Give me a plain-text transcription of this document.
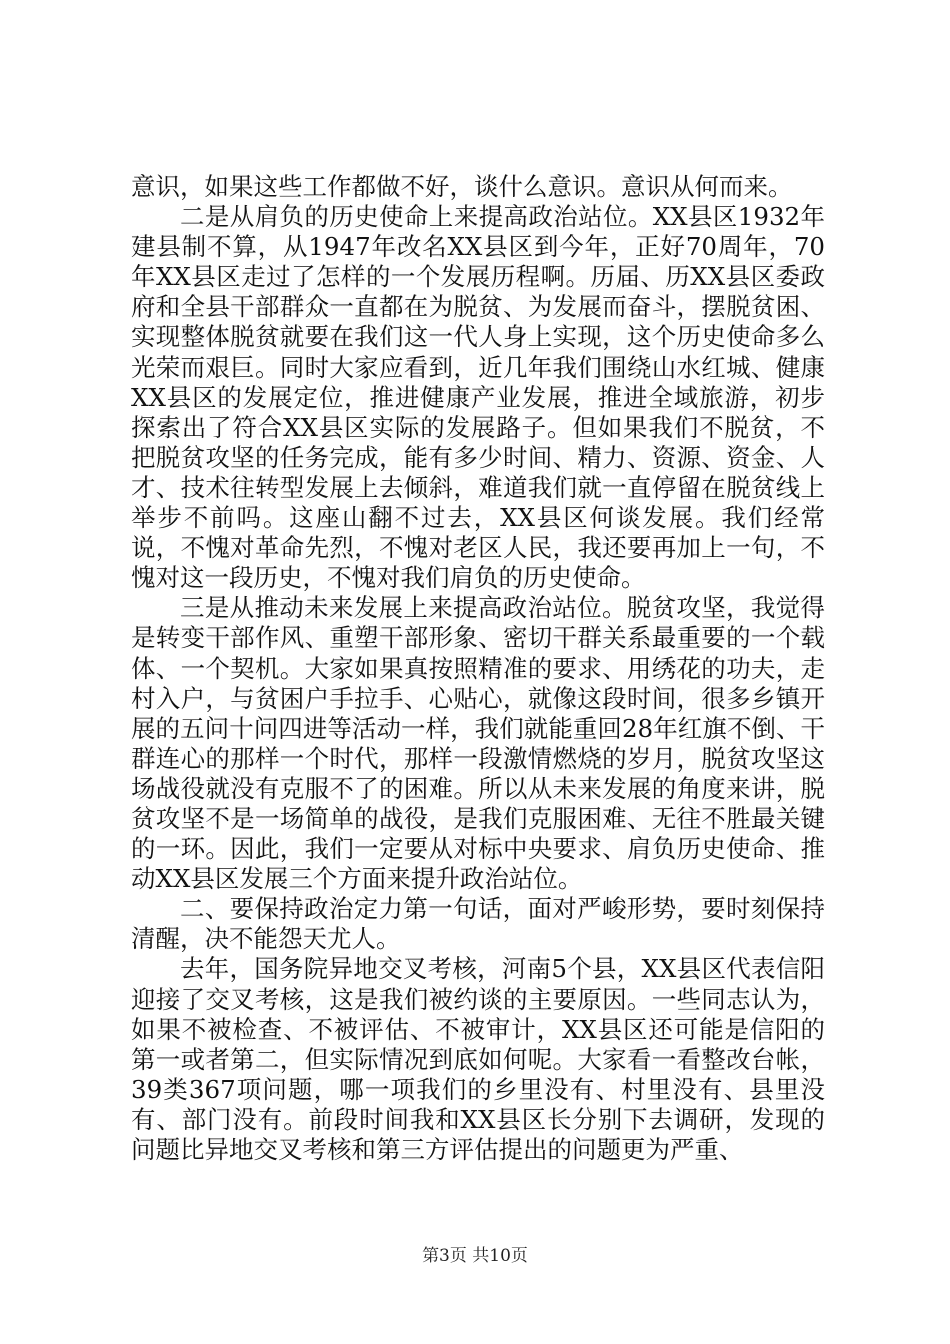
意识，如果这些工作都做不好，谈什么意识。意识从何而来。

二是从肩负的历史使命上来提高政治站位。XX县区1932年建县制不算，从1947年改名XX县区到今年，正好70周年，70年XX县区走过了怎样的一个发展历程啊。历届、历XX县区委政府和全县干部群众一直都在为脱贫、为发展而奋斗，摆脱贫困、实现整体脱贫就要在我们这一代人身上实现，这个历史使命多么光荣而艰巨。同时大家应看到，近几年我们围绕山水红城、健康XX县区的发展定位，推进健康产业发展，推进全域旅游，初步探索出了符合XX县区实际的发展路子。但如果我们不脱贫，不把脱贫攻坚的任务完成，能有多少时间、精力、资源、资金、人才、技术往转型发展上去倾斜，难道我们就一直停留在脱贫线上举步不前吗。这座山翻不过去，XX县区何谈发展。我们经常说，不愧对革命先烈，不愧对老区人民，我还要再加上一句，不愧对这一段历史，不愧对我们肩负的历史使命。

三是从推动未来发展上来提高政治站位。脱贫攻坚，我觉得是转变干部作风、重塑干部形象、密切干群关系最重要的一个载体、一个契机。大家如果真按照精准的要求、用绣花的功夫，走村入户，与贫困户手拉手、心贴心，就像这段时间，很多乡镇开展的五问十问四进等活动一样，我们就能重回28年红旗不倒、干群连心的那样一个时代，那样一段激情燃烧的岁月，脱贫攻坚这场战役就没有克服不了的困难。所以从未来发展的角度来讲，脱贫攻坚不是一场简单的战役，是我们克服困难、无往不胜最关键的一环。因此，我们一定要从对标中央要求、肩负历史使命、推动XX县区发展三个方面来提升政治站位。

二、要保持政治定力第一句话，面对严峻形势，要时刻保持清醒，决不能怨天尤人。

去年，国务院异地交叉考核，河南5个县，XX县区代表信阳迎接了交叉考核，这是我们被约谈的主要原因。一些同志认为，如果不被检查、不被评估、不被审计，XX县区还可能是信阳的第一或者第二，但实际情况到底如何呢。大家看一看整改台帐，39类367项问题，哪一项我们的乡里没有、村里没有、县里没有、部门没有。前段时间我和XX县区长分别下去调研，发现的问题比异地交叉考核和第三方评估提出的问题更为严重、

第3页 共10页
